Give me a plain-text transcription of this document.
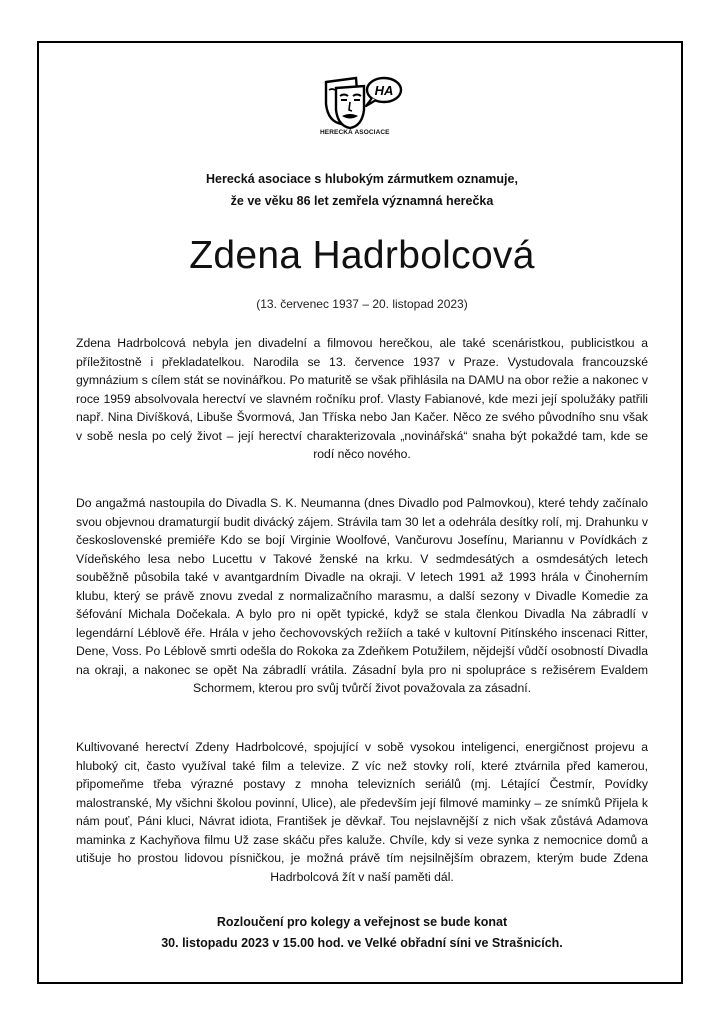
HA
HERECKÁ ASOCIACE
Herecká asociace s hlubokým zármutkem oznamuje,
že ve věku 86 let zemřela významná herečka
Zdena Hadrbolcová
(13. červenec 1937 – 20. listopad 2023)
Zdena Hadrbolcová nebyla jen divadelní a filmovou herečkou, ale také scenáristkou, publicistkou a příležitostně i překladatelkou. Narodila se 13. července 1937 v Praze. Vystudovala francouzské gymnázium s cílem stát se novinářkou. Po maturitě se však přihlásila na DAMU na obor režie a nakonec v roce 1959 absolvovala herectví ve slavném ročníku prof. Vlasty Fabianové, kde mezi její spolužáky patřili např. Nina Divíšková, Libuše Švormová, Jan Tříska nebo Jan Kačer. Něco ze svého původního snu však v sobě nesla po celý život – její herectví charakterizovala „novinářská“ snaha být pokaždé tam, kde se rodí něco nového.
Do angažmá nastoupila do Divadla S. K. Neumanna (dnes Divadlo pod Palmovkou), které tehdy začínalo svou objevnou dramaturgií budit divácký zájem. Strávila tam 30 let a odehrála desítky rolí, mj. Drahunku v československé premiéře Kdo se bojí Virginie Woolfové, Vančurovu Josefínu, Mariannu v Povídkách z Vídeňského lesa nebo Lucettu v Takové ženské na krku. V sedmdesátých a osmdesátých letech souběžně působila také v avantgardním Divadle na okraji. V letech 1991 až 1993 hrála v Činoherním klubu, který se právě znovu zvedal z normalizačního marasmu, a další sezony v Divadle Komedie za šéfování Michala Dočekala. A bylo pro ni opět typické, když se stala členkou Divadla Na zábradlí v legendární Léblově éře. Hrála v jeho čechovovských režiích a také v kultovní Pitínského inscenaci Ritter, Dene, Voss. Po Léblově smrti odešla do Rokoka za Zdeňkem Potužilem, nějdejší vůdčí osobností Divadla na okraji, a nakonec se opět Na zábradlí vrátila. Zásadní byla pro ni spolupráce s režisérem Evaldem Schormem, kterou pro svůj tvůrčí život považovala za zásadní.
Kultivované herectví Zdeny Hadrbolcové, spojující v sobě vysokou inteligenci, energičnost projevu a hluboký cit, často využíval také film a televize. Z víc než stovky rolí, které ztvárnila před kamerou, připomeňme třeba výrazné postavy z mnoha televizních seriálů (mj. Létající Čestmír, Povídky malostranské, My všichni školou povinní, Ulice), ale především její filmové maminky – ze snímků Přijela k nám pouť, Páni kluci, Návrat idiota, František je děvkař. Tou nejslavnější z nich však zůstává Adamova maminka z Kachyňova filmu Už zase skáču přes kaluže. Chvíle, kdy si veze synka z nemocnice domů a utišuje ho prostou lidovou písničkou, je možná právě tím nejsilnějším obrazem, kterým bude Zdena Hadrbolcová žít v naší paměti dál.
Rozloučení pro kolegy a veřejnost se bude konat
30. listopadu 2023 v 15.00 hod. ve Velké obřadní síni ve Strašnicích.
